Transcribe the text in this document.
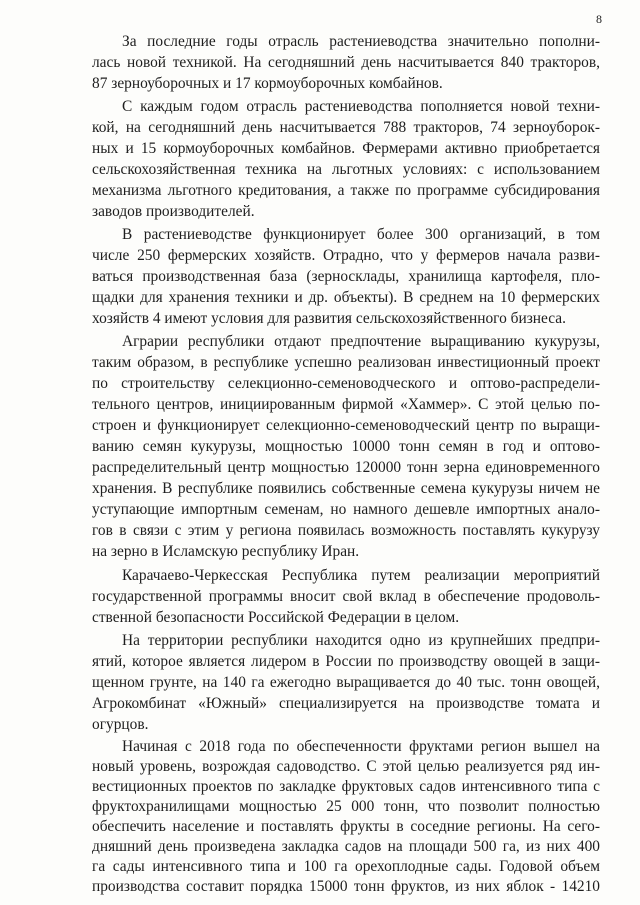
8
За последние годы отрасль растениеводства значительно пополни-
лась новой техникой. На сегодняшний день насчитывается 840 тракторов,
87 зерноуборочных и 17 кормоуборочных комбайнов.
С каждым годом отрасль растениеводства пополняется новой техни-
кой, на сегодняшний день насчитывается 788 тракторов, 74 зерноуборок-
ных и 15 кормоуборочных комбайнов. Фермерами активно приобретается
сельскохозяйственная техника на льготных условиях: с использованием
механизма льготного кредитования, а также по программе субсидирования
заводов производителей.
В растениеводстве функционирует более 300 организаций, в том
числе 250 фермерских хозяйств. Отрадно, что у фермеров начала разви-
ваться производственная база (зерносклады, хранилища картофеля, пло-
щадки для хранения техники и др. объекты). В среднем на 10 фермерских
хозяйств 4 имеют условия для развития сельскохозяйственного бизнеса.
Аграрии республики отдают предпочтение выращиванию кукурузы,
таким образом, в республике успешно реализован инвестиционный проект
по строительству селекционно-семеноводческого и оптово-распредели-
тельного центров, инициированным фирмой «Хаммер». С этой целью по-
строен и функционирует селекционно-семеноводческий центр по выращи-
ванию семян кукурузы, мощностью 10000 тонн семян в год и оптово-
распределительный центр мощностью 120000 тонн зерна единовременного
хранения. В республике появились собственные семена кукурузы ничем не
уступающие импортным семенам, но намного дешевле импортных анало-
гов в связи с этим у региона появилась возможность поставлять кукурузу
на зерно в Исламскую республику Иран.
Карачаево-Черкесская Республика путем реализации мероприятий
государственной программы вносит свой вклад в обеспечение продоволь-
ственной безопасности Российской Федерации в целом.
На территории республики находится одно из крупнейших предпри-
ятий, которое является лидером в России по производству овощей в защи-
щенном грунте, на 140 га ежегодно выращивается до 40 тыс. тонн овощей,
Агрокомбинат «Южный» специализируется на производстве томата и
огурцов.
Начиная с 2018 года по обеспеченности фруктами регион вышел на
новый уровень, возрождая садоводство. С этой целью реализуется ряд ин-
вестиционных проектов по закладке фруктовых садов интенсивного типа с
фруктохранилищами мощностью 25 000 тонн, что позволит полностью
обеспечить население и поставлять фрукты в соседние регионы. На сего-
дняшний день произведена закладка садов на площади 500 га, из них 400
га сады интенсивного типа и 100 га орехоплодные сады. Годовой объем
производства составит порядка 15000 тонн фруктов, из них яблок - 14210
